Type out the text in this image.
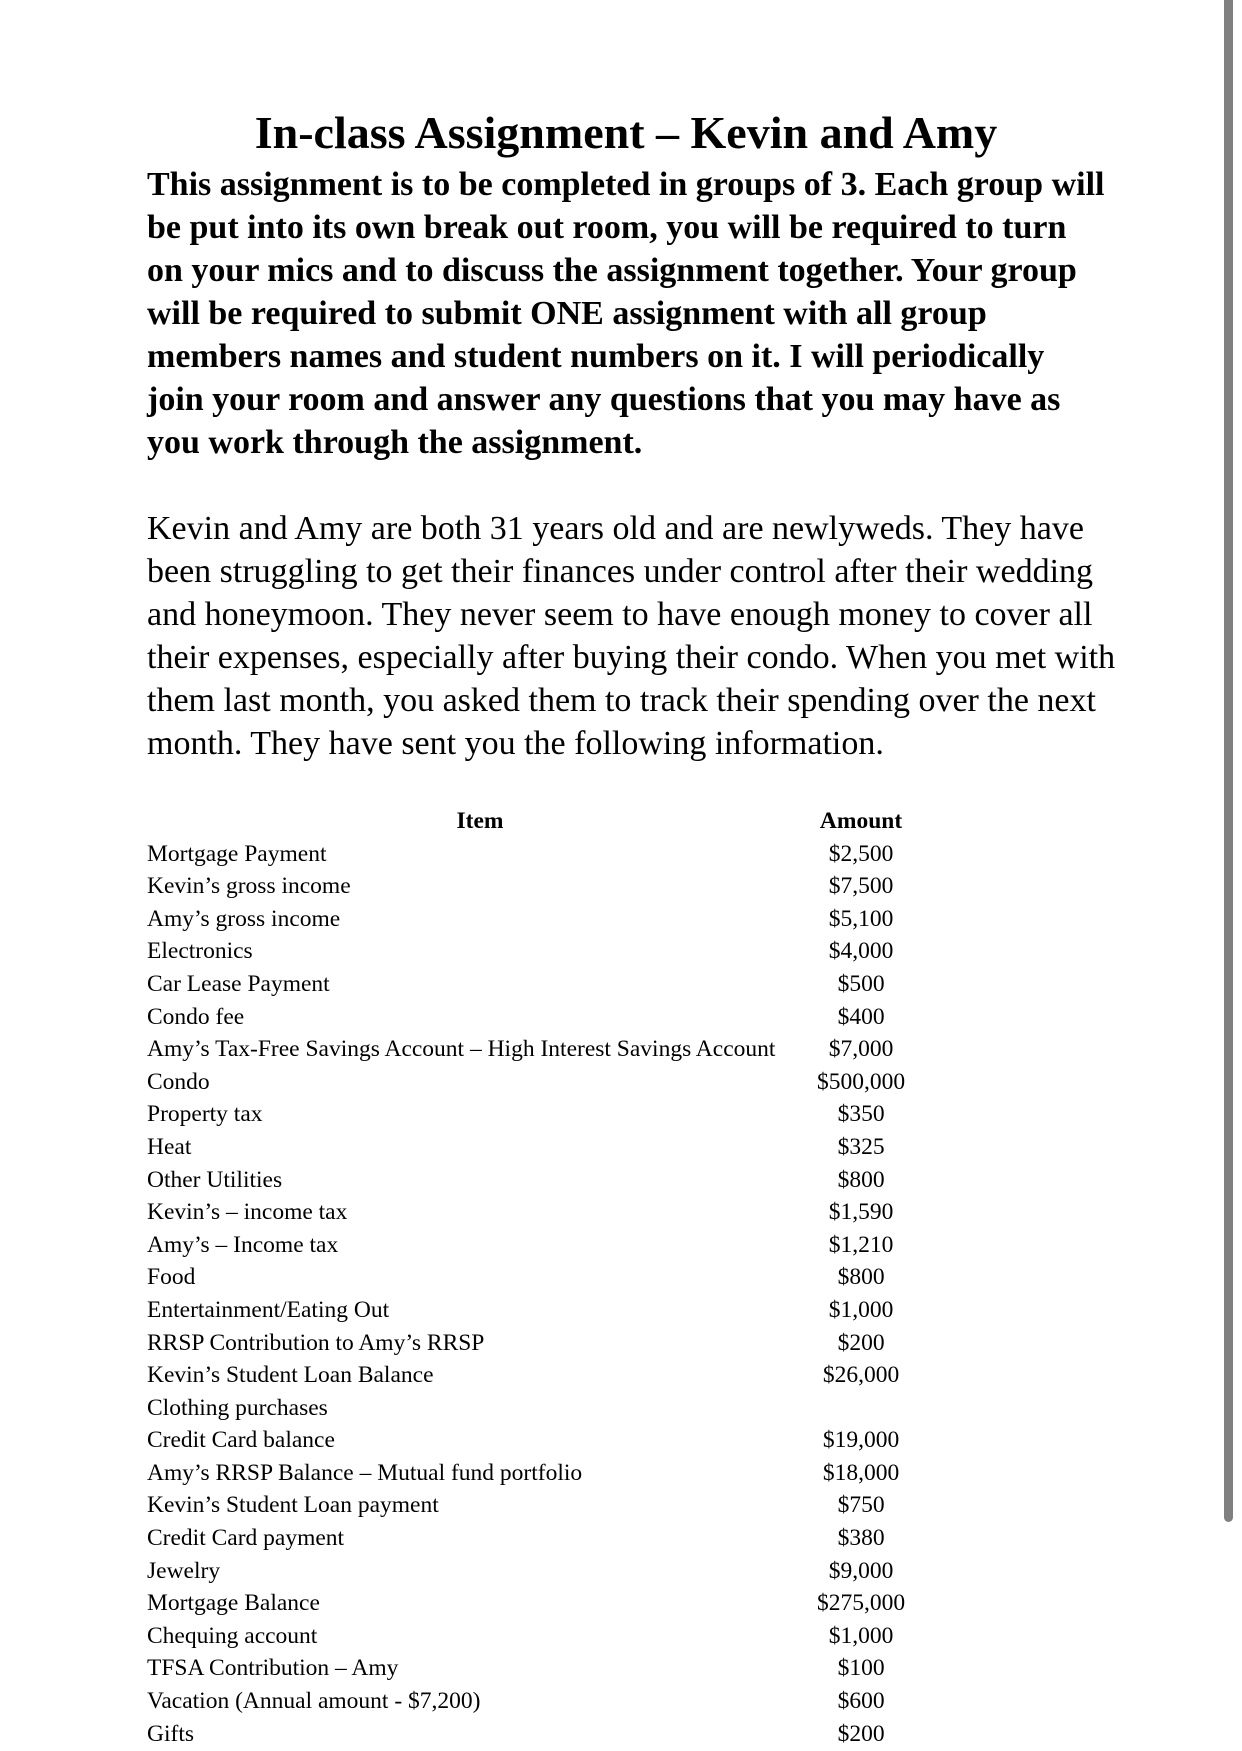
In-class Assignment – Kevin and Amy
This assignment is to be completed in groups of 3. Each group will be put into its own break out room, you will be required to turn on your mics and to discuss the assignment together. Your group will be required to submit ONE assignment with all group members names and student numbers on it. I will periodically join your room and answer any questions that you may have as you work through the assignment.
Kevin and Amy are both 31 years old and are newlyweds. They have been struggling to get their finances under control after their wedding and honeymoon. They never seem to have enough money to cover all their expenses, especially after buying their condo. When you met with them last month, you asked them to track their spending over the next month. They have sent you the following information.
Item	Amount
Mortgage Payment	$2,500
Kevin’s gross income	$7,500
Amy’s gross income	$5,100
Electronics	$4,000
Car Lease Payment	$500
Condo fee	$400
Amy’s Tax-Free Savings Account – High Interest Savings Account	$7,000
Condo	$500,000
Property tax	$350
Heat	$325
Other Utilities	$800
Kevin’s – income tax	$1,590
Amy’s – Income tax	$1,210
Food	$800
Entertainment/Eating Out	$1,000
RRSP Contribution to Amy’s RRSP	$200
Kevin’s Student Loan Balance	$26,000
Clothing purchases	
Credit Card balance	$19,000
Amy’s RRSP Balance – Mutual fund portfolio	$18,000
Kevin’s Student Loan payment	$750
Credit Card payment	$380
Jewelry	$9,000
Mortgage Balance	$275,000
Chequing account	$1,000
TFSA Contribution – Amy	$100
Vacation (Annual amount - $7,200)	$600
Gifts	$200
